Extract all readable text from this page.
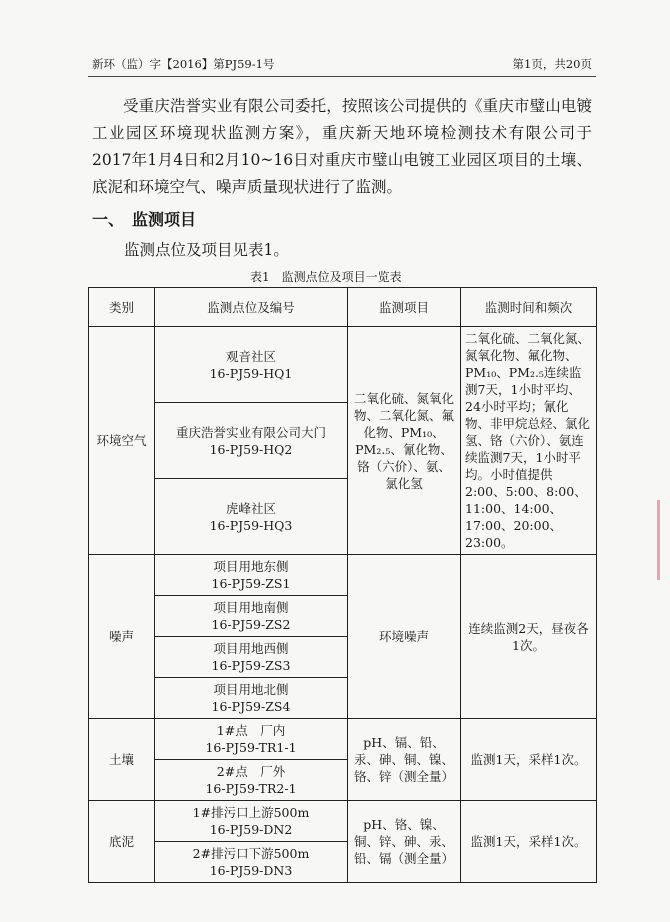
新环（监）字【2016】第PJ59-1号	第1页，共20页

受重庆浩誉实业有限公司委托，按照该公司提供的《重庆市璧山电镀工业园区环境现状监测方案》，重庆新天地环境检测技术有限公司于 2017年1月4日和2月10~16日对重庆市璧山电镀工业园区项目的土壤、底泥和环境空气、噪声质量现状进行了监测。

一、 监测项目
监测点位及项目见表1。
表1　监测点位及项目一览表
类别	监测点位及编号	监测项目	监测时间和频次
环境空气	观音社区
16-PJ59-HQ1	二氧化硫、氮氧化物、二氧化氮、氟化物、PM₁₀、PM₂.₅、氰化物、铬（六价）、氨、氯化氢	二氧化硫、二氧化氮、氮氧化物、氟化物、PM₁₀、PM₂.₅连续监测7天，1小时平均、24小时平均；氰化物、非甲烷总烃、氯化氢、铬（六价）、氨连续监测7天，1小时平均。小时值提供2:00、5:00、8:00、11:00、14:00、17:00、20:00、23:00。

	重庆浩誉实业有限公司大门
16-PJ59-HQ2		

	虎峰社区
16-PJ59-HQ3		

噪声	项目用地东侧
16-PJ59-ZS1	环境噪声	连续监测2天，昼夜各1次。

	项目用地南侧
16-PJ59-ZS2		

	项目用地西侧
16-PJ59-ZS3		

	项目用地北侧
16-PJ59-ZS4		

土壤	1#点　厂内
16-PJ59-TR1-1	pH、镉、铅、汞、砷、铜、镍、铬、锌（测全量）	监测1天，采样1次。

	2#点　厂外
16-PJ59-TR2-1		

底泥	1#排污口上游500m
16-PJ59-DN2	pH、铬、镍、铜、锌、砷、汞、铅、镉（测全量）	监测1天，采样1次。

	2#排污口下游500m
16-PJ59-DN3		
